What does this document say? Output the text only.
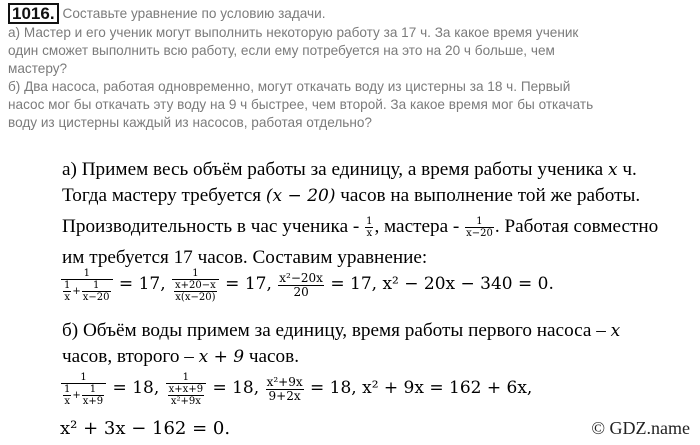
1016. Составьте уравнение по условию задачи.
а) Мастер и его ученик могут выполнить некоторую работу за 17 ч. За какое время ученик
один сможет выполнить всю работу, если ему потребуется на это на 20 ч больше, чем
мастеру?
б) Два насоса, работая одновременно, могут откачать воду из цистерны за 18 ч. Первый
насос мог бы откачать эту воду на 9 ч быстрее, чем второй. За какое время мог бы откачать
воду из цистерны каждый из насосов, работая отдельно?
а) Примем весь объём работы за единицу, а время работы ученика x ч.
Тогда мастеру требуется (x − 20) часов на выполнение той же работы.
Производительность в час ученика - $\frac{1}{x}$ , мастера - $\frac{1}{x-20}$ . Работая совместно
им требуется 17 часов. Составим уравнение:
$\frac{1}{\frac{1}{x} + \frac{1}{x-20}} = 17$, $\frac{1}{\frac{x+20-x}{x(x-20)}} = 17$, $\frac{\text{x²−20x}}{20} = 17$, x² − 20x − 340 = 0.
б) Объём воды примем за единицу, время работы первого насоса – x
часов, второго – x + 9 часов.
$\frac{1}{\frac{1}{x} + \frac{1}{x+9}} = 18$, $\frac{1}{\frac{x+x+9}{\text{x²+9x}}} = 18$, $\frac{\text{x²+9x}}{9+2x} = 18$, x² + 9x = 162 + 6x,
x² + 3x − 162 = 0.	© GDZ.name
